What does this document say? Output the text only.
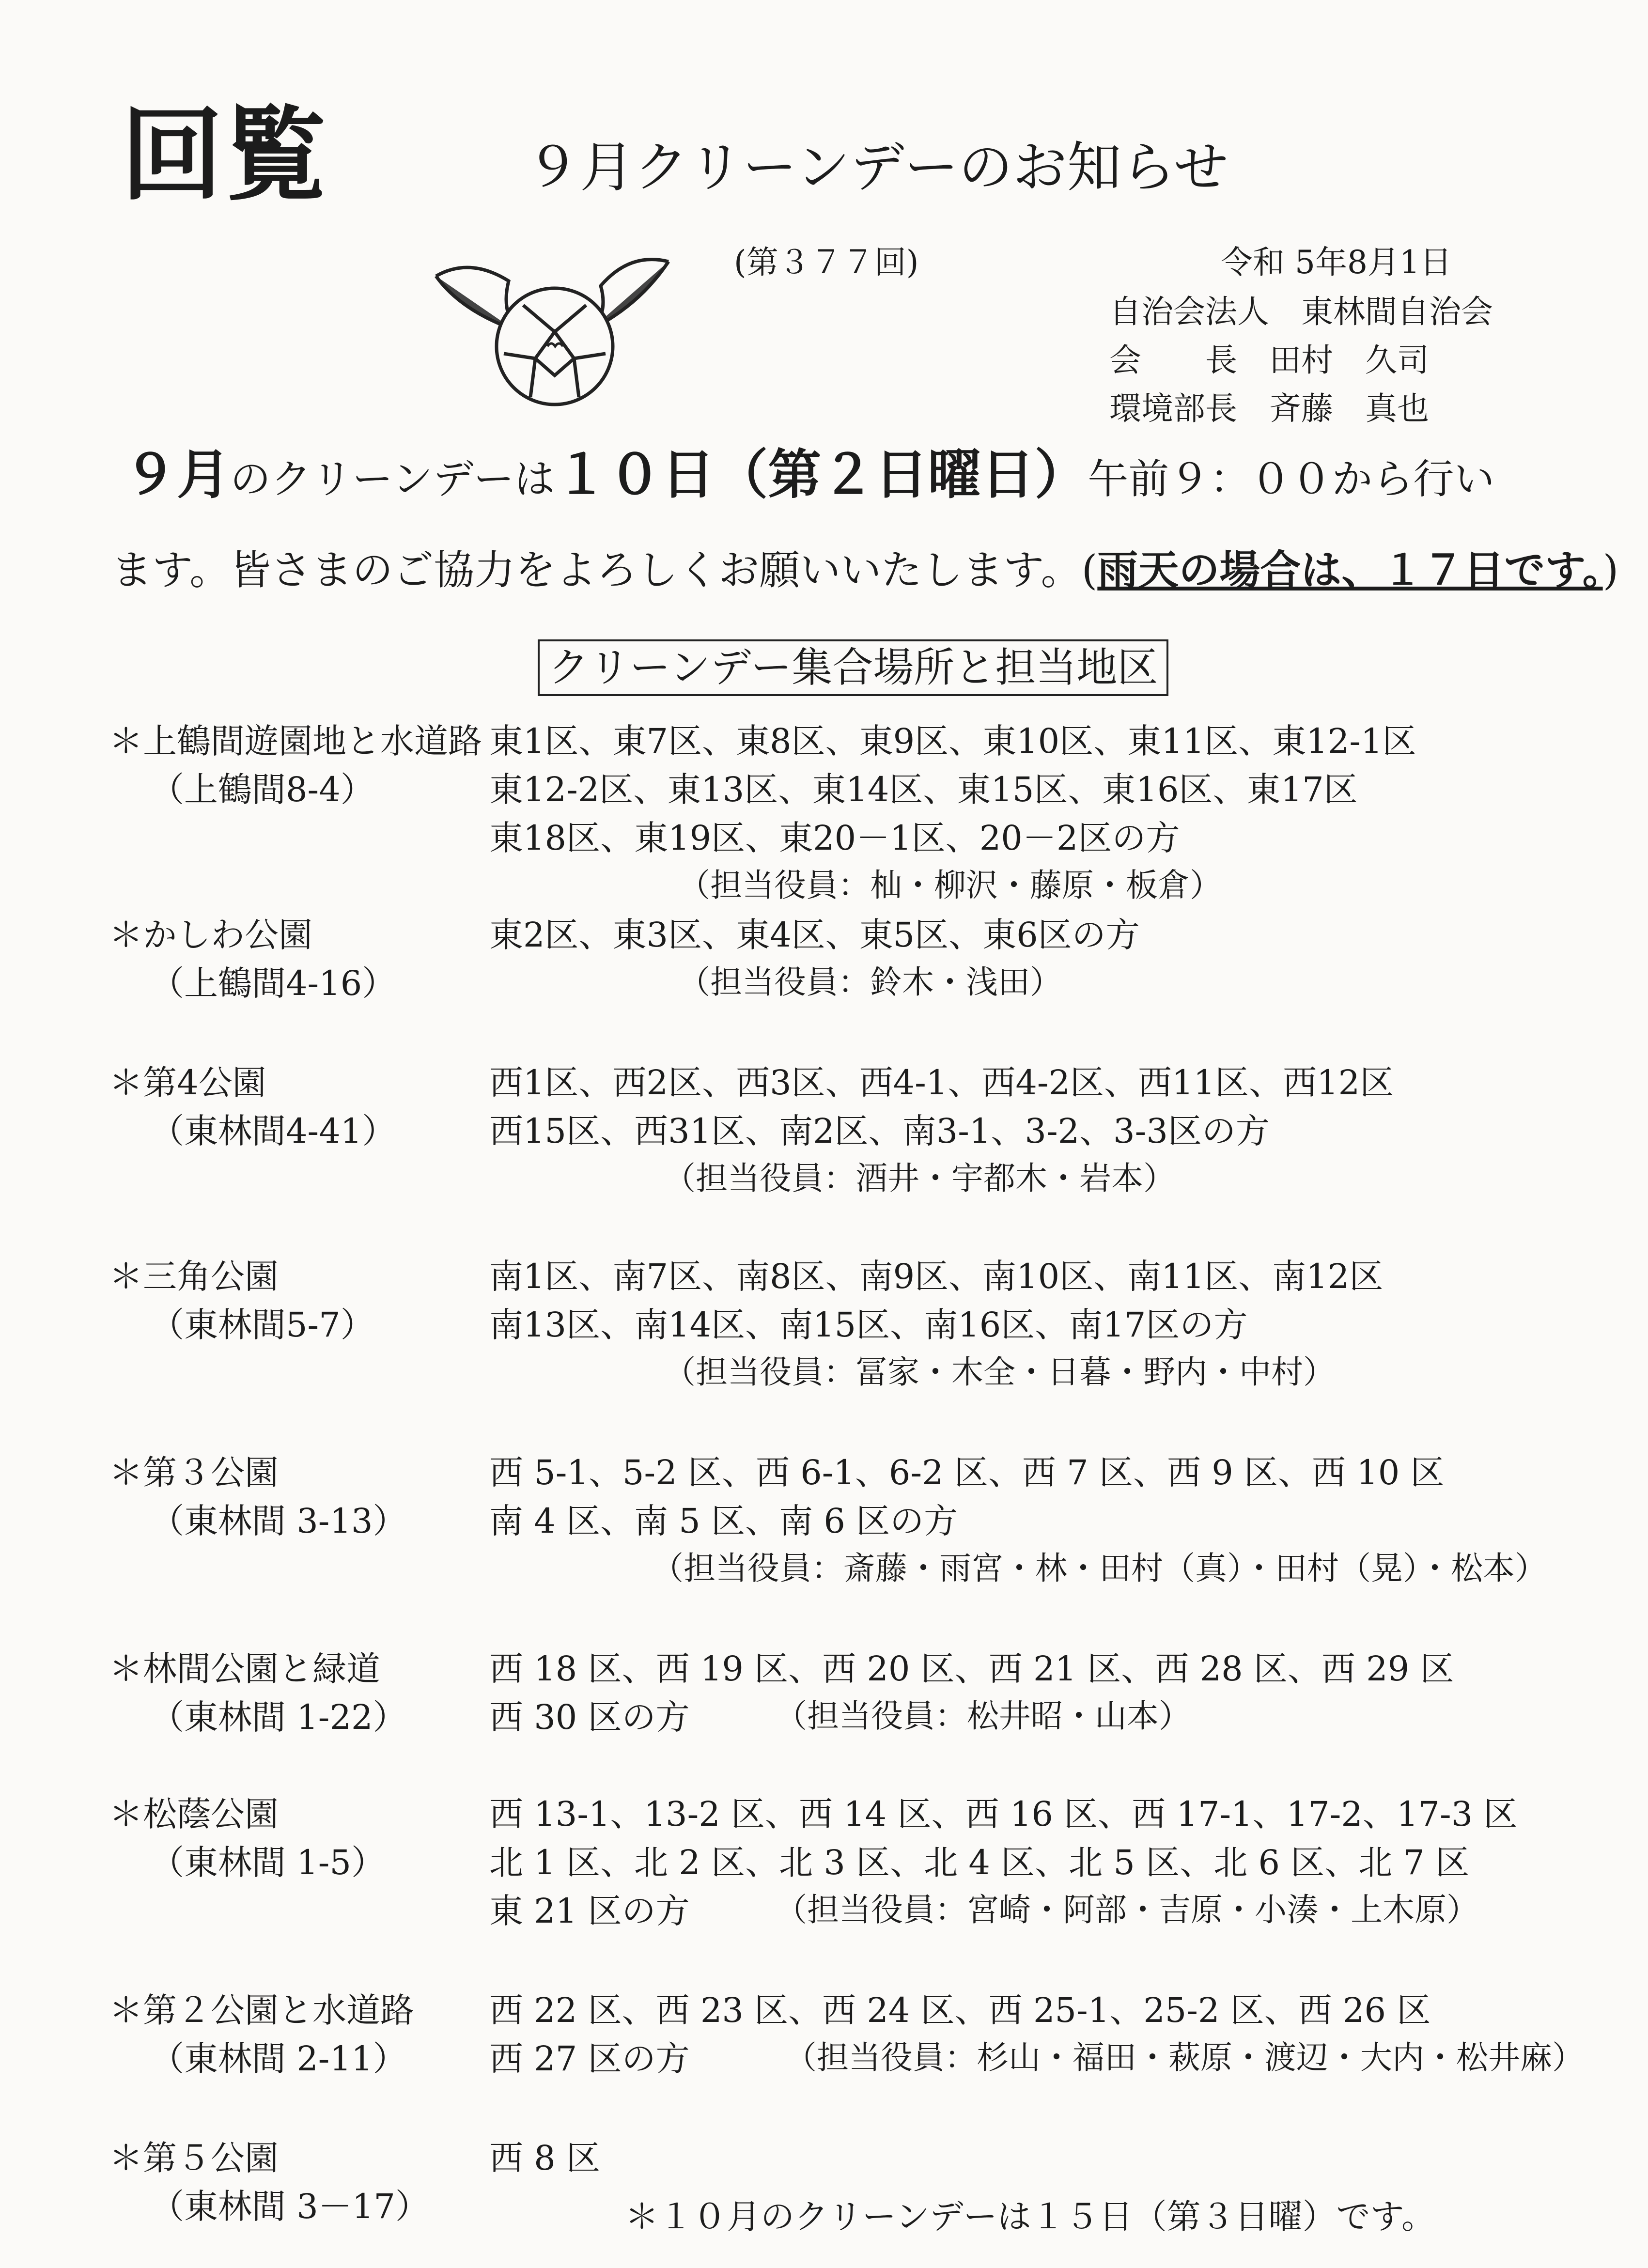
回覧	９月クリーンデーのお知らせ
(第３７７回)	令和 5年8月1日
自治会法人　東林間自治会
会　　長　田村　久司
環境部長　斉藤　真也
９月のクリーンデーは１０日（第２日曜日）午前９：００から行い
ます。皆さまのご協力をよろしくお願いいたします。(雨天の場合は、１７日です。)
クリーンデー集合場所と担当地区
＊上鶴間遊園地と水道路
（上鶴間8-4）
東1区、東7区、東8区、東9区、東10区、東11区、東12-1区
東12-2区、東13区、東14区、東15区、東16区、東17区
東18区、東19区、東20－1区、20－2区の方
（担当役員：杣・柳沢・藤原・板倉）
＊かしわ公園
（上鶴間4-16）
東2区、東3区、東4区、東5区、東6区の方
（担当役員：鈴木・浅田）
＊第4公園
（東林間4-41）
西1区、西2区、西3区、西4-1、西4-2区、西11区、西12区
西15区、西31区、南2区、南3-1、3-2、3-3区の方
（担当役員：酒井・宇都木・岩本）
＊三角公園
（東林間5-7）
南1区、南7区、南8区、南9区、南10区、南11区、南12区
南13区、南14区、南15区、南16区、南17区の方
（担当役員：冨家・木全・日暮・野内・中村）
＊第３公園
（東林間 3-13）
西 5-1、5-2 区、西 6-1、6-2 区、西 7 区、西 9 区、西 10 区
南 4 区、南 5 区、南 6 区の方
（担当役員：斎藤・雨宮・林・田村（真）・田村（晃）・松本）
＊林間公園と緑道
（東林間 1-22）
西 18 区、西 19 区、西 20 区、西 21 区、西 28 区、西 29 区
西 30 区の方	（担当役員：松井昭・山本）
＊松蔭公園
（東林間 1-5）
西 13-1、13-2 区、西 14 区、西 16 区、西 17-1、17-2、17-3 区
北 1 区、北 2 区、北 3 区、北 4 区、北 5 区、北 6 区、北 7 区
東 21 区の方	（担当役員：宮崎・阿部・吉原・小湊・上木原）
＊第２公園と水道路
（東林間 2-11）
西 22 区、西 23 区、西 24 区、西 25-1、25-2 区、西 26 区
西 27 区の方	（担当役員：杉山・福田・萩原・渡辺・大内・松井麻）
＊第５公園
（東林間 3－17）
西 8 区
＊１０月のクリーンデーは１５日（第３日曜）です。
